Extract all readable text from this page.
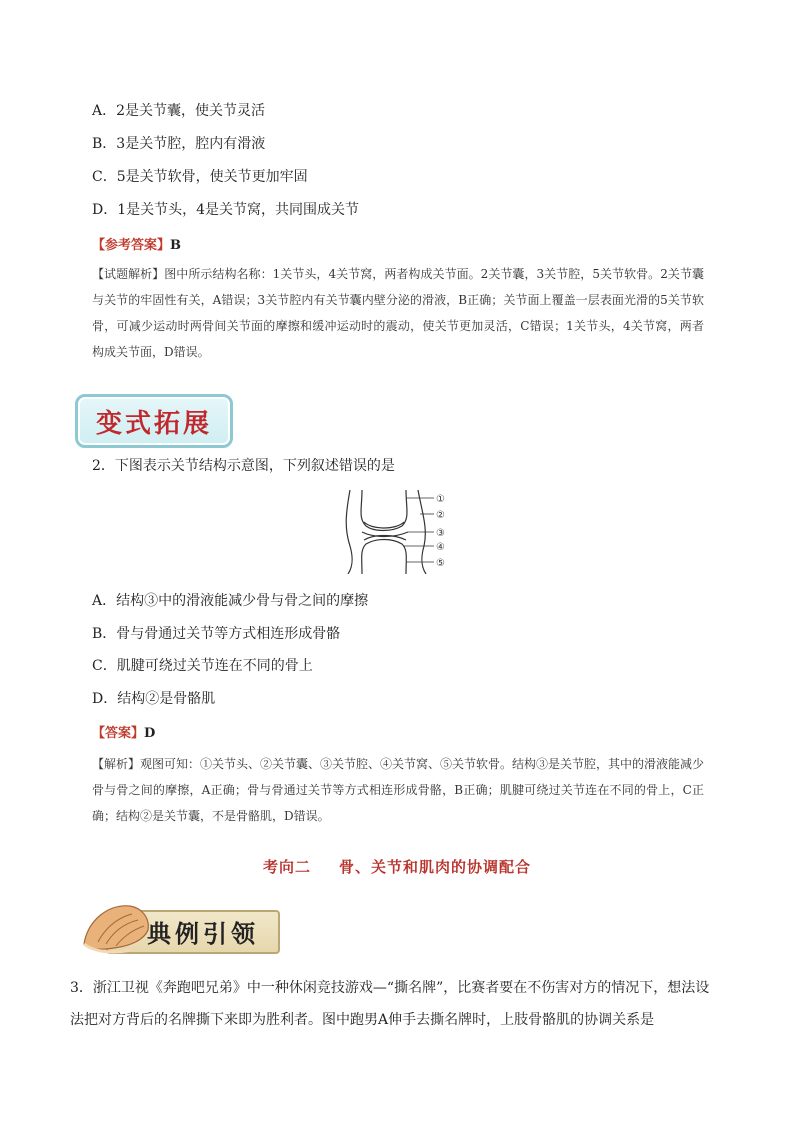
A．2是关节囊，使关节灵活
B．3是关节腔，腔内有滑液
C．5是关节软骨，使关节更加牢固
D．1是关节头，4是关节窝，共同围成关节
【参考答案】B
【试题解析】图中所示结构名称：1关节头，4关节窝，两者构成关节面。2关节囊，3关节腔，5关节软骨。2关节囊与关节的牢固性有关，A错误；3关节腔内有关节囊内壁分泌的滑液，B正确；关节面上覆盖一层表面光滑的5关节软骨，可减少运动时两骨间关节面的摩擦和缓冲运动时的震动，使关节更加灵活，C错误；1关节头，4关节窝，两者构成关节面，D错误。
变式拓展
2．下图表示关节结构示意图，下列叙述错误的是
①
②
③
④
⑤
A．结构③中的滑液能减少骨与骨之间的摩擦
B．骨与骨通过关节等方式相连形成骨骼
C．肌腱可绕过关节连在不同的骨上
D．结构②是骨骼肌
【答案】D
【解析】观图可知：①关节头、②关节囊、③关节腔、④关节窝、⑤关节软骨。结构③是关节腔，其中的滑液能减少骨与骨之间的摩擦，A正确；骨与骨通过关节等方式相连形成骨骼，B正确；肌腱可绕过关节连在不同的骨上，C正确；结构②是关节囊，不是骨骼肌，D错误。
考向二 骨、关节和肌肉的协调配合
典例引领
3．浙江卫视《奔跑吧兄弟》中一种休闲竞技游戏—“撕名牌”，比赛者要在不伤害对方的情况下，想法设法把对方背后的名牌撕下来即为胜利者。图中跑男A伸手去撕名牌时，上肢骨骼肌的协调关系是
